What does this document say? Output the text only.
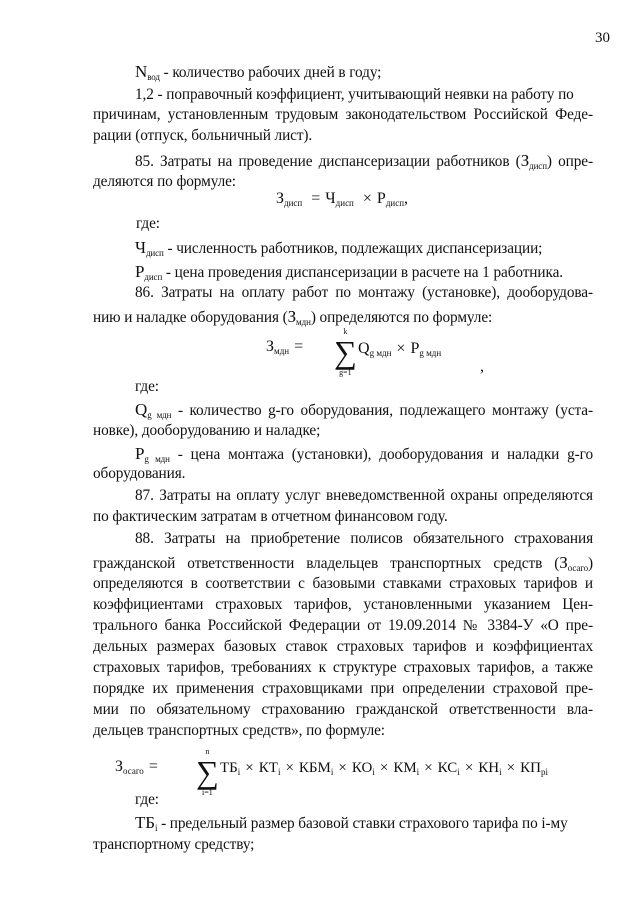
30
$N_{вод}$ - количество рабочих дней в году;
1,2 - поправочный коэффициент, учитывающий неявки на работу по
причинам, установленным трудовым законодательством Российской Феде-
рации (отпуск, больничный лист).
85. Затраты на проведение диспансеризации работников $(З_{дисп})$ опре-
деляются по формуле:
$З_{дисп} = Ч_{дисп} \times Р_{дисп}$,
где:
$Ч_{дисп}$ - численность работников, подлежащих диспансеризации;
$Р_{дисп}$ - цена проведения диспансеризации в расчете на 1 работника.
86. Затраты на оплату работ по монтажу (установке), дооборудова-
нию и наладке оборудования $(З_{мдн})$ определяются по формуле:
$З_{мдн}$ =
k
∑
g=1
$Q_{g мдн} \times Р_{g мдн}$
,
где:
$Q_{g мдн}$ - количество g-го оборудования, подлежащего монтажу (уста-
новке), дооборудованию и наладке;
$Р_{g мдн}$ - цена монтажа (установки), дооборудования и наладки g-го
оборудования.
87. Затраты на оплату услуг вневедомственной охраны определяются
по фактическим затратам в отчетном финансовом году.
88. Затраты на приобретение полисов обязательного страхования
гражданской ответственности владельцев транспортных средств $(З_{осаго})$
определяются в соответствии с базовыми ставками страховых тарифов и
коэффициентами страховых тарифов, установленными указанием Цен-
трального банка Российской Федерации от 19.09.2014 № 3384-У «О пре-
дельных размерах базовых ставок страховых тарифов и коэффициентах
страховых тарифов, требованиях к структуре страховых тарифов, а также
порядке их применения страховщиками при определении страховой пре-
мии по обязательному страхованию гражданской ответственности вла-
дельцев транспортных средств», по формуле:
$З_{осаго}$ =
n
∑
i=1
$ТБ_i \times КТ_i \times КБМ_i \times КО_i \times КМ_i \times КС_i \times КН_i \times КП_{рi}$
где:
$ТБ_i$ - предельный размер базовой ставки страхового тарифа по i-му
транспортному средству;
